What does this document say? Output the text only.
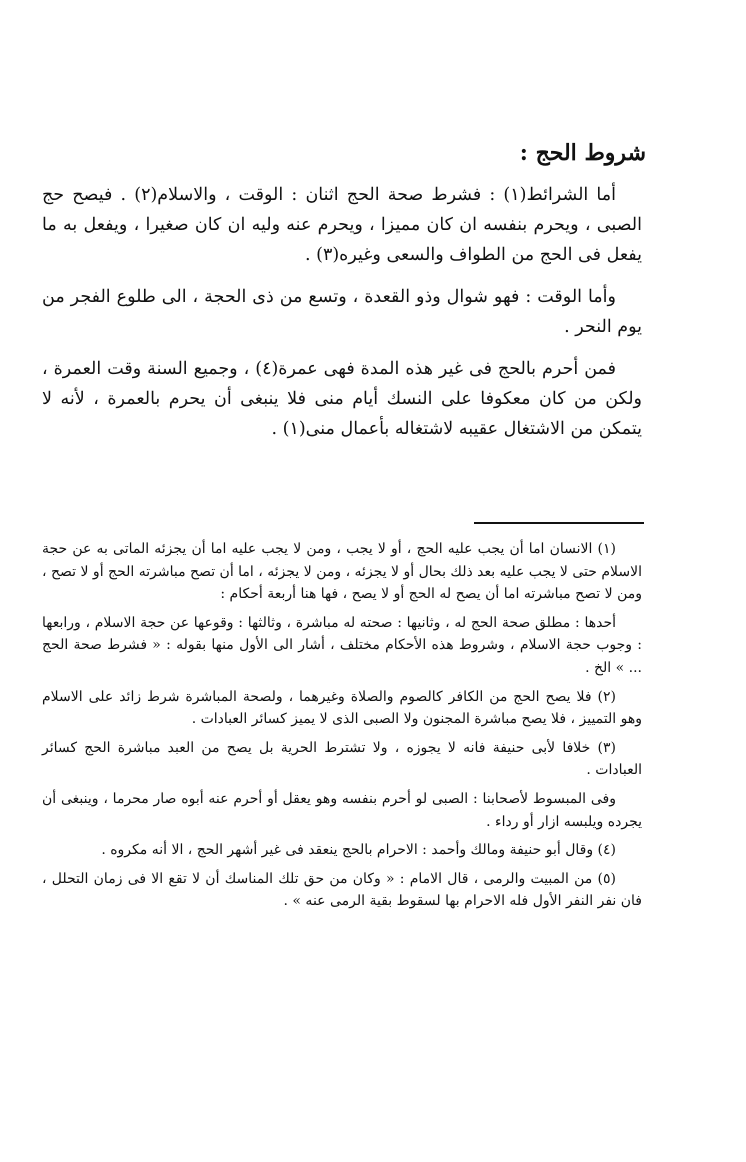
شروط الحج :

أما الشرائط(١) : فشرط صحة الحج اثنان : الوقت ، والاسلام(٢) . فيصح حج الصبى ، ويحرم بنفسه ان كان مميزا ، ويحرم عنه وليه ان كان صغيرا ، ويفعل به ما يفعل فى الحج من الطواف والسعى وغيره(٣) .

وأما الوقت : فهو شوال وذو القعدة ، وتسع من ذى الحجة ، الى طلوع الفجر من يوم النحر .

فمن أحرم بالحج فى غير هذه المدة فهى عمرة(٤) ، وجميع السنة وقت العمرة ، ولكن من كان معكوفا على النسك أيام منى فلا ينبغى أن يحرم بالعمرة ، لأنه لا يتمكن من الاشتغال عقيبه لاشتغاله بأعمال منى(١) .

(١) الانسان اما أن يجب عليه الحج ، أو لا يجب ، ومن لا يجب عليه اما أن يجزئه الماتى به عن حجة الاسلام حتى لا يجب عليه بعد ذلك بحال أو لا يجزئه ، ومن لا يجزئه ، اما أن تصح مباشرته الحج أو لا تصح ، ومن لا تصح مباشرته اما أن يصح له الحج أو لا يصح ، فها هنا أربعة أحكام :

أحدها : مطلق صحة الحج له ، وثانيها : صحته له مباشرة ، وثالثها : وقوعها عن حجة الاسلام ، ورابعها : وجوب حجة الاسلام ، وشروط هذه الأحكام مختلف ، أشار الى الأول منها بقوله : « فشرط صحة الحج ... » الخ .

(٢) فلا يصح الحج من الكافر كالصوم والصلاة وغيرهما ، ولصحة المباشرة شرط زائد على الاسلام وهو التمييز ، فلا يصح مباشرة المجنون ولا الصبى الذى لا يميز كسائر العبادات .

(٣) خلافا لأبى حنيفة فانه لا يجوزه ، ولا تشترط الحرية بل يصح من العبد مباشرة الحج كسائر العبادات .

وفى المبسوط لأصحابنا : الصبى لو أحرم بنفسه وهو يعقل أو أحرم عنه أبوه صار محرما ، وينبغى أن يجرده ويلبسه ازار أو رداء .

(٤) وقال أبو حنيفة ومالك وأحمد : الاحرام بالحج ينعقد فى غير أشهر الحج ، الا أنه مكروه .

(٥) من المبيت والرمى ، قال الامام : « وكان من حق تلك المناسك أن لا تقع الا فى زمان التحلل ، فان نفر النفر الأول فله الاحرام بها لسقوط بقية الرمى عنه » .
